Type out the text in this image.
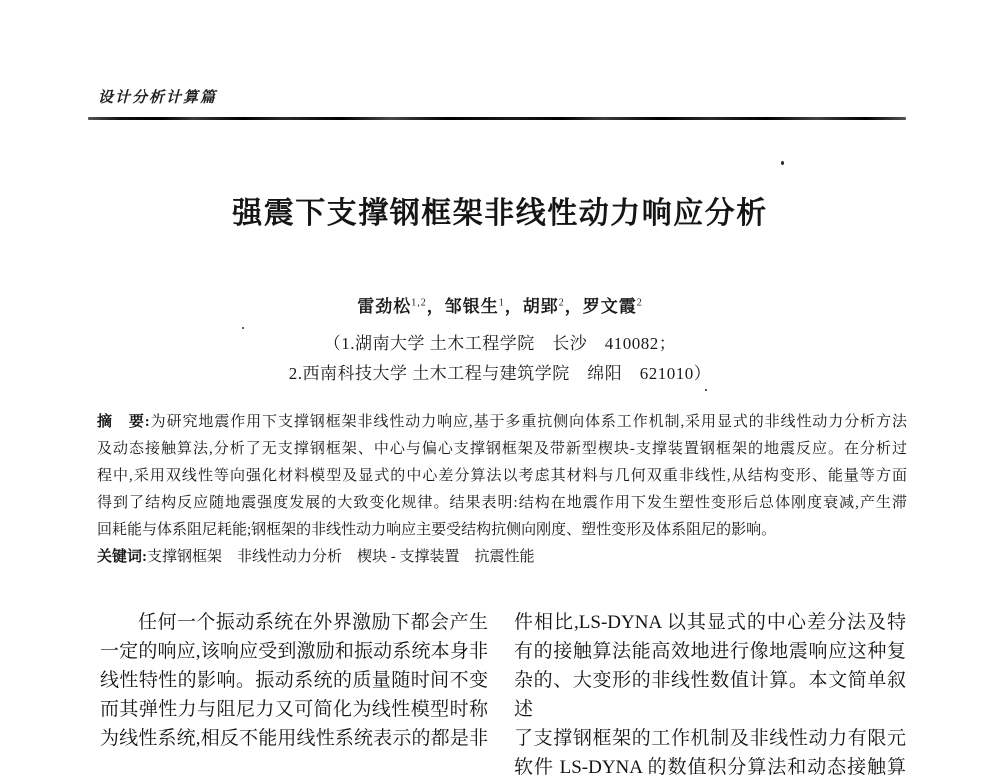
设计分析计算篇
强震下支撑钢框架非线性动力响应分析
雷劲松$^{1,2}$，邹银生$^1$，胡郢$^2$，罗文霞$^2$
（1.湖南大学 土木工程学院　长沙　410082；
2.西南科技大学 土木工程与建筑学院　绵阳　621010）
摘　要:为研究地震作用下支撑钢框架非线性动力响应,基于多重抗侧向体系工作机制,采用显式的非线性动力分析方法
及动态接触算法,分析了无支撑钢框架、中心与偏心支撑钢框架及带新型楔块-支撑装置钢框架的地震反应。在分析过
程中,采用双线性等向强化材料模型及显式的中心差分算法以考虑其材料与几何双重非线性,从结构变形、能量等方面
得到了结构反应随地震强度发展的大致变化规律。结果表明:结构在地震作用下发生塑性变形后总体刚度衰减,产生滞
回耗能与体系阻尼耗能;钢框架的非线性动力响应主要受结构抗侧向刚度、塑性变形及体系阻尼的影响。
关键词:支撑钢框架　非线性动力分析　楔块 - 支撑装置　抗震性能
任何一个振动系统在外界激励下都会产生
一定的响应,该响应受到激励和振动系统本身非
线性特性的影响。振动系统的质量随时间不变
而其弹性力与阻尼力又可简化为线性模型时称
为线性系统,相反不能用线性系统表示的都是非
件相比,LS-DYNA 以其显式的中心差分法及特
有的接触算法能高效地进行像地震响应这种复
杂的、大变形的非线性数值计算。本文简单叙述
了支撑钢框架的工作机制及非线性动力有限元
软件 LS-DYNA 的数值积分算法和动态接触算
